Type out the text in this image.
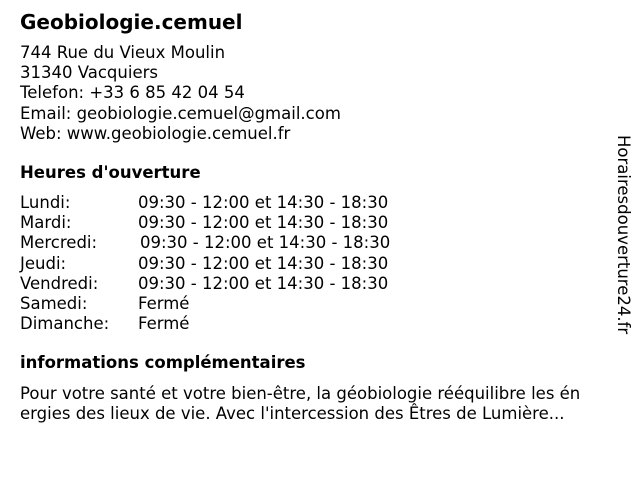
Geobiologie.cemuel
744 Rue du Vieux Moulin
31340 Vacquiers
Telefon: +33 6 85 42 04 54
Email: geobiologie.cemuel@gmail.com
Web: www.geobiologie.cemuel.fr
Heures d'ouverture
Lundi:	09:30 - 12:00 et 14:30 - 18:30
Mardi:	09:30 - 12:00 et 14:30 - 18:30
Mercredi:	09:30 - 12:00 et 14:30 - 18:30
Jeudi:	09:30 - 12:00 et 14:30 - 18:30
Vendredi: 09:30 - 12:00 et 14:30 - 18:30
Samedi:	Fermé
Dimanche: Fermé
informations complémentaires
Pour votre santé et votre bien-être, la géobiologie rééquilibre les én
ergies des lieux de vie. Avec l'intercession des Êtres de Lumière...
Horairesdouverture24.fr
